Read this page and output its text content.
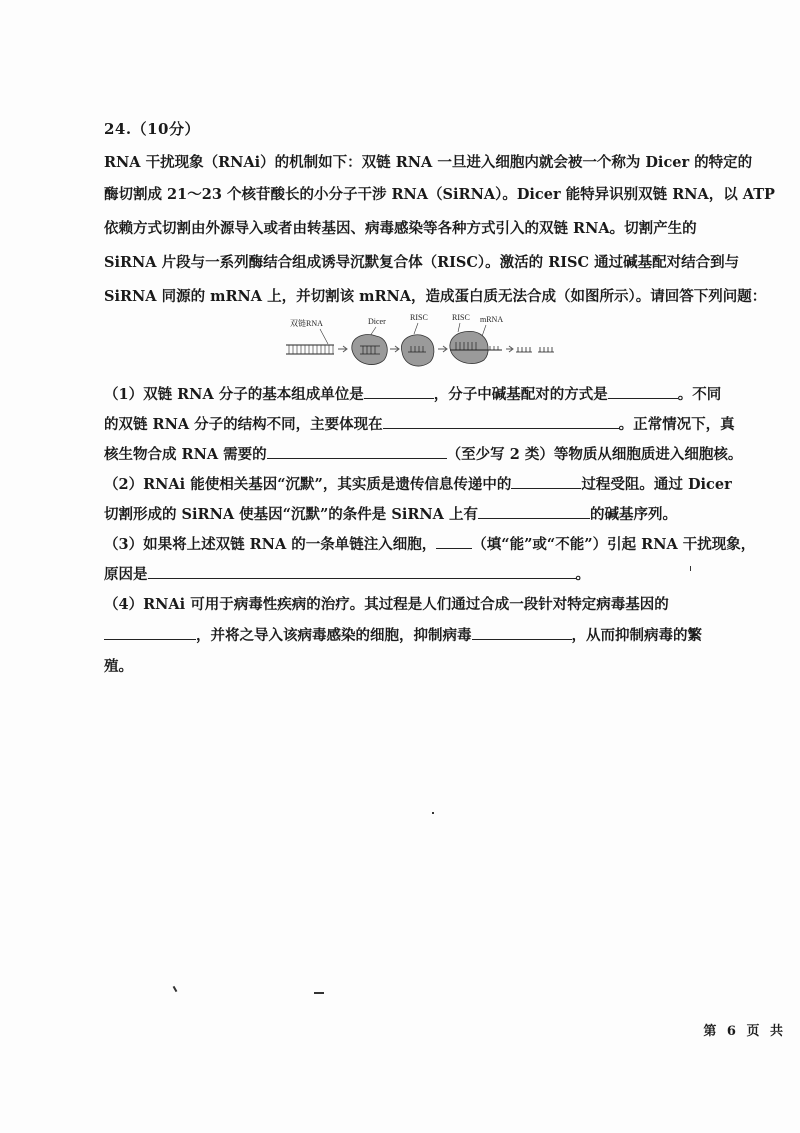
24.（10分）
RNA 干扰现象（RNAi）的机制如下：双链 RNA 一旦进入细胞内就会被一个称为 Dicer 的特定的
酶切割成 21～23 个核苷酸长的小分子干涉 RNA（SiRNA）。Dicer 能特异识别双链 RNA，以 ATP
依赖方式切割由外源导入或者由转基因、病毒感染等各种方式引入的双链 RNA。切割产生的
SiRNA 片段与一系列酶结合组成诱导沉默复合体（RISC）。激活的 RISC 通过碱基配对结合到与
SiRNA 同源的 mRNA 上，并切割该 mRNA，造成蛋白质无法合成（如图所示）。请回答下列问题：
双链RNA	Dicer	RISC	RISC mRNA
（1）双链 RNA 分子的基本组成单位是	，分子中碱基配对的方式是	。不同
的双链 RNA 分子的结构不同，主要体现在	。正常情况下，真
核生物合成 RNA 需要的	（至少写 2 类）等物质从细胞质进入细胞核。
（2）RNAi 能使相关基因“沉默”，其实质是遗传信息传递中的	过程受阻。通过 Dicer
切割形成的 SiRNA 使基因“沉默”的条件是 SiRNA 上有	的碱基序列。
（3）如果将上述双链 RNA 的一条单链注入细胞， （填“能”或“不能”）引起 RNA 干扰现象，
原因是	。
（4）RNAi 可用于病毒性疾病的治疗。其过程是人们通过合成一段针对特定病毒基因的
，并将之导入该病毒感染的细胞，抑制病毒	，从而抑制病毒的繁
殖。
第 6 页 共
